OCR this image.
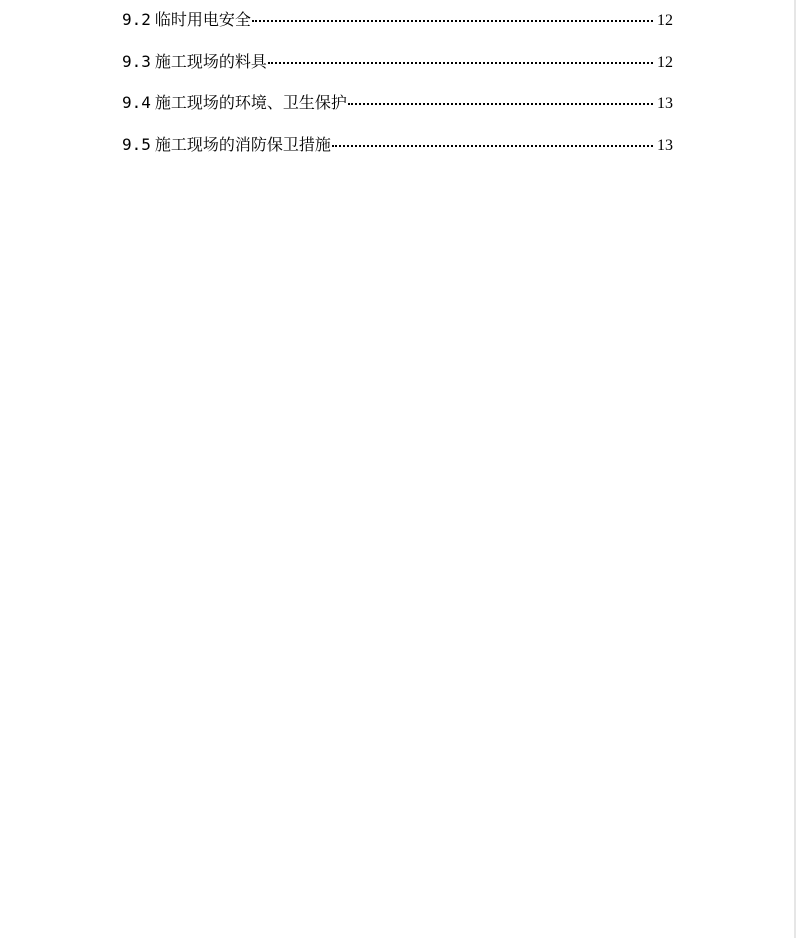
9.2 临时用电安全	12
9.3 施工现场的料具	12
9.4 施工现场的环境、卫生保护	13
9.5 施工现场的消防保卫措施	13
